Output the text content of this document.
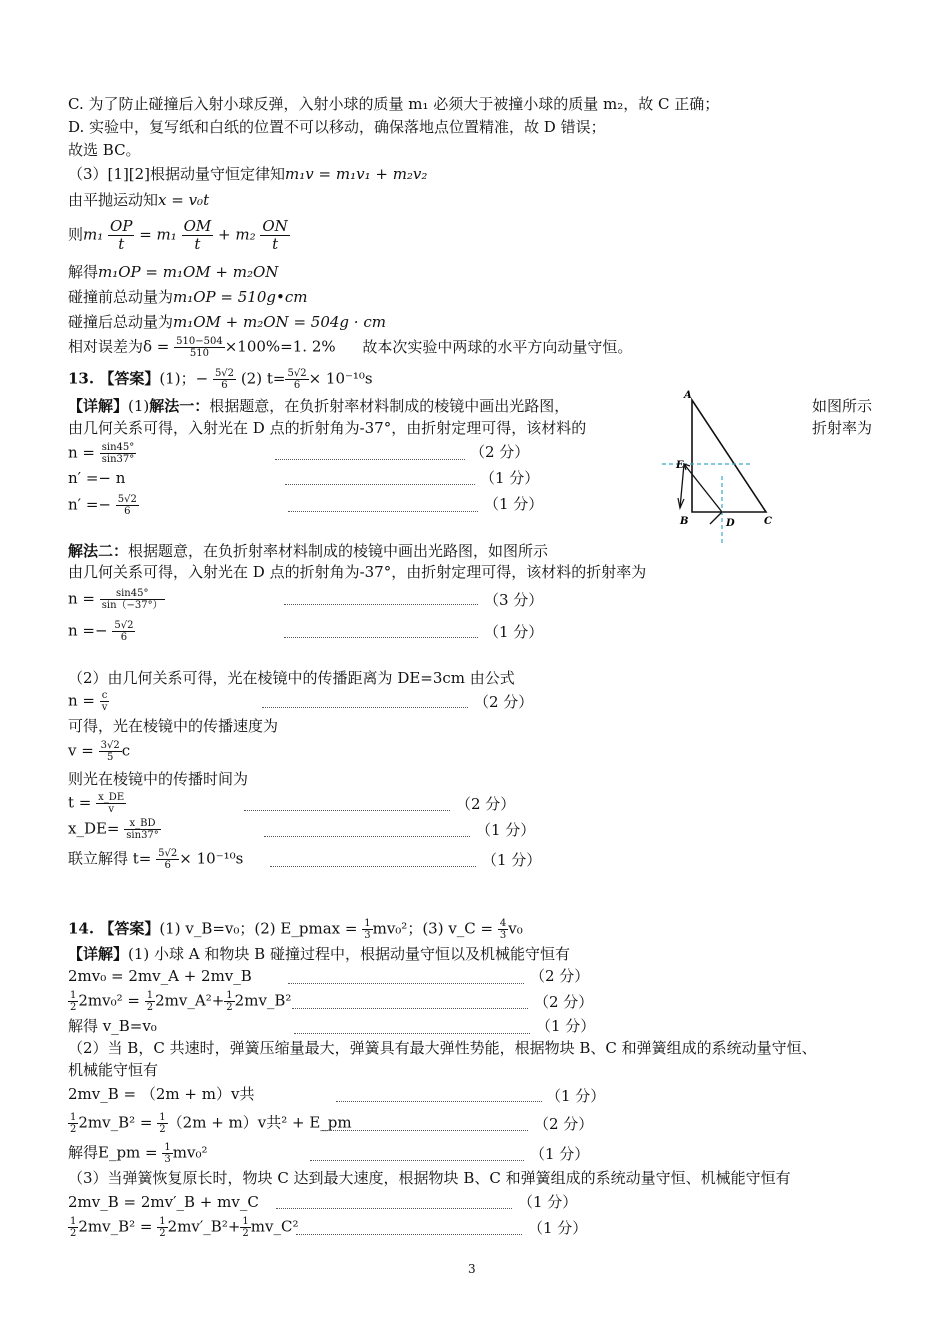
C. 为了防止碰撞后入射小球反弹，入射小球的质量 m₁ 必须大于被撞小球的质量 m₂，故 C 正确；
D. 实验中，复写纸和白纸的位置不可以移动，确保落地点位置精准，故 D 错误；
故选 BC。
（3）[1][2]根据动量守恒定律知m₁v = m₁v₁ + m₂v₂
由平抛运动知x = v₀t
则$m_1 \frac{OP}{t} = m_1 \frac{OM}{t} + m_2 \frac{ON}{t}$
解得m₁OP = m₁OM + m₂ON
碰撞前总动量为m₁OP = 510g•cm
碰撞后总动量为m₁OM + m₂ON = 504g · cm
相对误差为$\delta = \frac{510-504}{510} \times 100\%=1$. 2% 故本次实验中两球的水平方向动量守恒。
13. 【答案】(1)；− $\frac{5√2}{6} (2)$ $t= \frac{5√2}{6} \times 10^{-10}s$
【详解】(1)解法一：根据题意，在负折射率材料制成的棱镜中画出光路图，	如图所示
由几何关系可得，入射光在 D 点的折射角为-37°，由折射定理可得，该材料的	折射率为
$n = \frac{\sin 45^\circ}{\sin 37^\circ}$	（2 分）
n′ =− n	（1 分）
$n' =- \frac{5√2}{6}$	（1 分）
A
E
B	D	C
解法二：根据题意，在负折射率材料制成的棱镜中画出光路图，如图所示
由几何关系可得，入射光在 D 点的折射角为-37°，由折射定理可得，该材料的折射率为
$n = \frac{\sin 45^\circ}{\sin(-37^\circ)}$	（3 分）
$n =- \frac{5√2}{6}$	（1 分）
（2）由几何关系可得，光在棱镜中的传播距离为 DE=3cm 由公式
$n = \frac{c}{v}$	（2 分）
可得，光在棱镜中的传播速度为
$v = \frac{3√2}{5}$ c
则光在棱镜中的传播时间为
$t = \frac{x\_DE}{v}$	（2 分）
x_DE= $\frac{x\_BD}{\sin 37^\circ}$	（1 分）
联立解得 $t= \frac{5√2}{6} \times 10^{-10}s$	（1 分）
14. 【答案】(1) v_B=v₀；(2) E_pmax = $\frac{1}{3} mv_0^2$；(3) v_C = $\frac{4}{3} v_0$
【详解】(1) 小球 A 和物块 B 碰撞过程中，根据动量守恒以及机械能守恒有
2mv₀ = 2mv_A + 2mv_B	（2 分）
$\frac{1}{2} 2mv_0^2 = \frac{1}{2}$ 2mv_A²+ $\frac{1}{2}$ 2mv_B²	（2 分）
解得 v_B=v₀	（1 分）
（2）当 B，C 共速时，弹簧压缩量最大，弹簧具有最大弹性势能，根据物块 B、C 和弹簧组成的系统动量守恒、
机械能守恒有
2mv_B = （2m + m）v共	（1 分）
$\frac{1}{2}$ 2mv_B² = $\frac{1}{2} (2m + m)v$共² + E_pm	（2 分）
解得E_pm = $\frac{1}{3} mv_0^2$	（1 分）
（3）当弹簧恢复原长时，物块 C 达到最大速度，根据物块 B、C 和弹簧组成的系统动量守恒、机械能守恒有
2mv_B = 2mv′_B + mv_C	（1 分）
$\frac{1}{2}$ 2mv_B² = $\frac{1}{2}$ 2mv′_B²+ $\frac{1}{2}$ mv_C²	（1 分）
3
